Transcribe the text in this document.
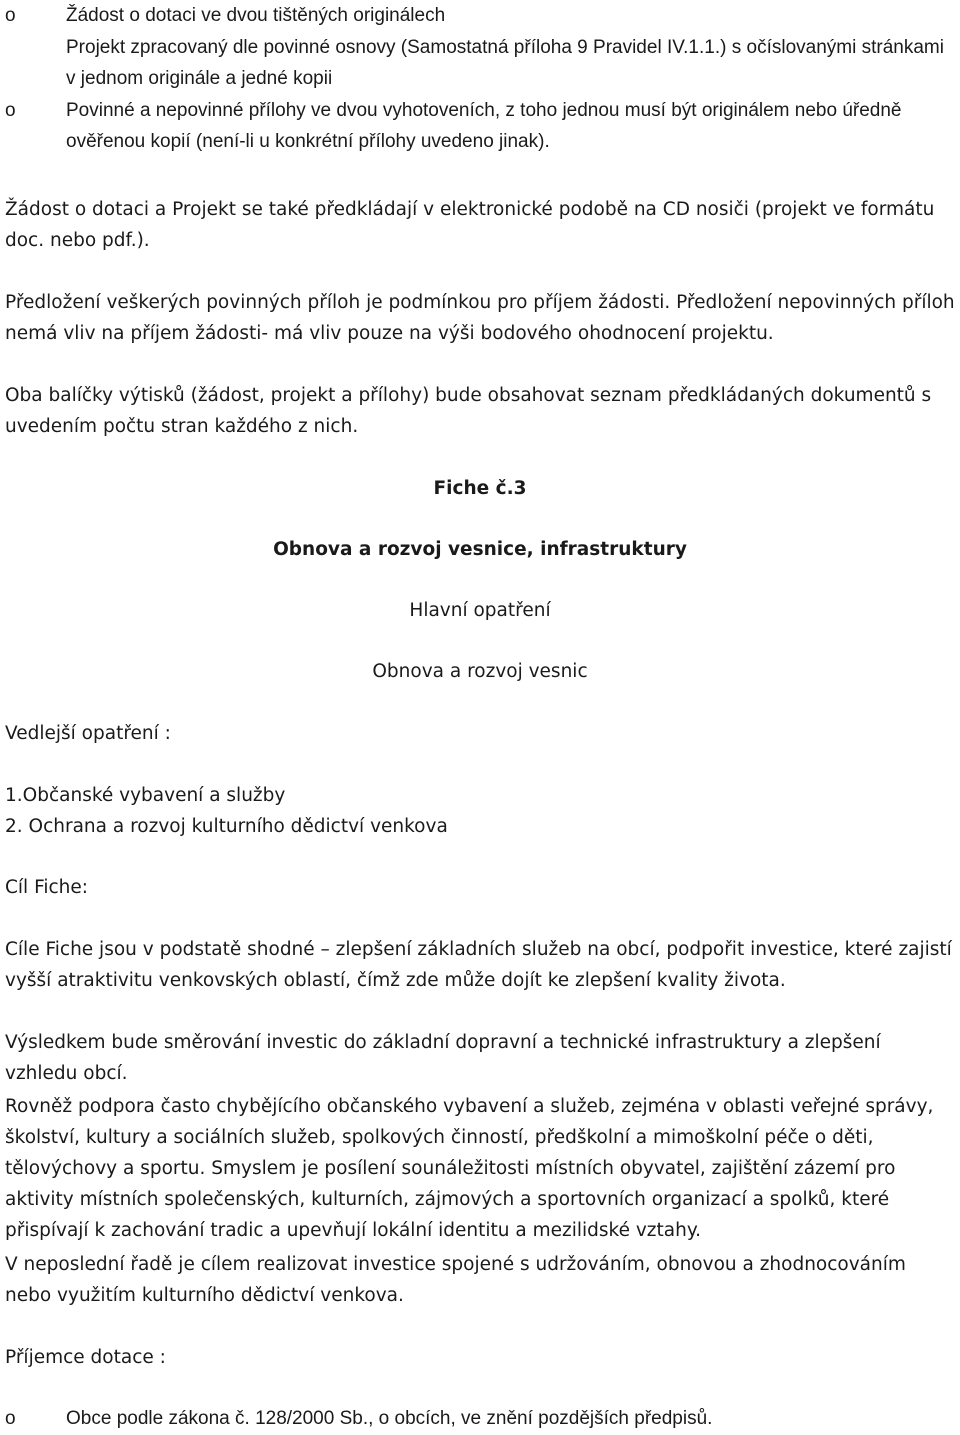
o	Žádost o dotaci ve dvou tištěných originálech
Projekt zpracovaný dle povinné osnovy (Samostatná příloha 9 Pravidel IV.1.1.) s očíslovanými stránkami v jednom originále a jedné kopii
o	Povinné a nepovinné přílohy ve dvou vyhotoveních, z toho jednou musí být originálem nebo úředně ověřenou kopií (není-li u konkrétní přílohy uvedeno jinak).

Žádost o dotaci a Projekt se také předkládají v elektronické podobě na CD nosiči (projekt ve formátu doc. nebo pdf.).

Předložení veškerých povinných příloh je podmínkou pro příjem žádosti. Předložení nepovinných příloh nemá vliv na příjem žádosti- má vliv pouze na výši bodového ohodnocení projektu.

Oba balíčky výtisků (žádost, projekt a přílohy) bude obsahovat seznam předkládaných dokumentů s uvedením počtu stran každého z nich.

Fiche č.3
Obnova a rozvoj vesnice, infrastruktury
Hlavní opatření
Obnova a rozvoj vesnic
Vedlejší opatření :
1.Občanské vybavení a služby
2. Ochrana a rozvoj kulturního dědictví venkova
Cíl Fiche:

Cíle Fiche jsou v podstatě shodné – zlepšení základních služeb na obcí, podpořit investice, které zajistí vyšší atraktivitu venkovských oblastí, čímž zde může dojít ke zlepšení kvality života.

Výsledkem bude směrování investic do základní dopravní a technické infrastruktury a zlepšení vzhledu obcí.

Rovněž podpora často chybějícího občanského vybavení a služeb, zejména v oblasti veřejné správy, školství, kultury a sociálních služeb, spolkových činností, předškolní a mimoškolní péče o děti, tělovýchovy a sportu. Smyslem je posílení sounáležitosti místních obyvatel, zajištění zázemí pro aktivity místních společenských, kulturních, zájmových a sportovních organizací a spolků, které přispívají k zachování tradic a upevňují lokální identitu a mezilidské vztahy.

V neposlední řadě je cílem realizovat investice spojené s udržováním, obnovou a zhodnocováním nebo využitím kulturního dědictví venkova.

Příjemce dotace :
o	Obce podle zákona č. 128/2000 Sb., o obcích, ve znění pozdějších předpisů.
